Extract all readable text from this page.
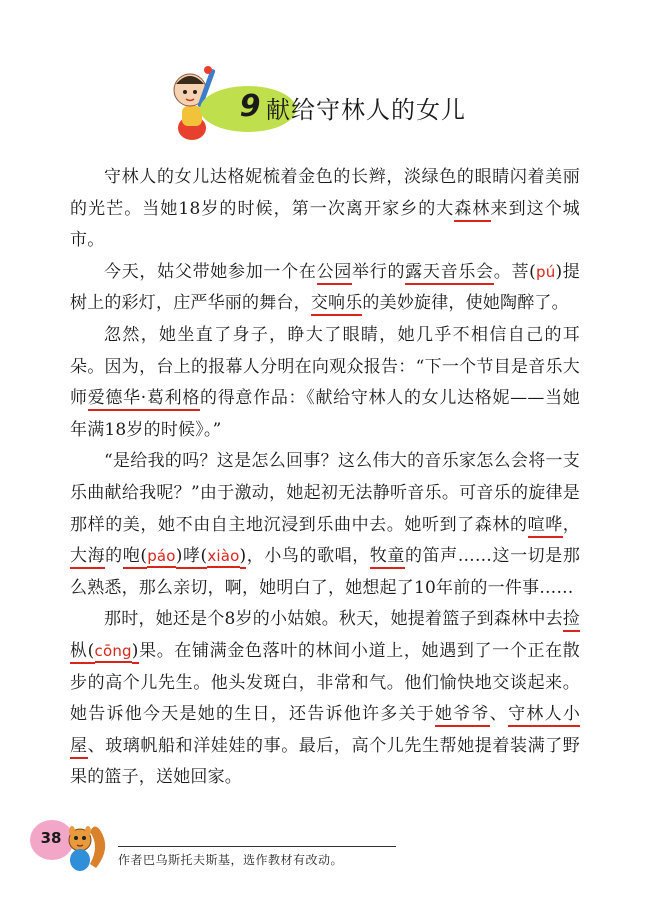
9 献给守林人的女儿

守林人的女儿达格妮梳着金色的长辫，淡绿色的眼睛闪着美丽的光芒。当她18岁的时候，第一次离开家乡的大森林来到这个城市。

今天，姑父带她参加一个在公园举行的露天音乐会。菩(pú)提树上的彩灯，庄严华丽的舞台，交响乐的美妙旋律，使她陶醉了。

忽然，她坐直了身子，睁大了眼睛，她几乎不相信自己的耳朵。因为，台上的报幕人分明在向观众报告：“下一个节目是音乐大师爱德华·葛利格的得意作品：《献给守林人的女儿达格妮——当她年满18岁的时候》。”

“是给我的吗？这是怎么回事？这么伟大的音乐家怎么会将一支乐曲献给我呢？”由于激动，她起初无法静听音乐。可音乐的旋律是那样的美，她不由自主地沉浸到乐曲中去。她听到了森林的喧哗，大海的咆(páo)哮(xiào)，小鸟的歌唱，牧童的笛声……这一切是那么熟悉，那么亲切，啊，她明白了，她想起了10年前的一件事……

那时，她还是个8岁的小姑娘。秋天，她提着篮子到森林中去捡枞(cōng)果。在铺满金色落叶的林间小道上，她遇到了一个正在散步的高个儿先生。他头发斑白，非常和气。他们愉快地交谈起来。她告诉他今天是她的生日，还告诉他许多关于她爷爷、守林人小屋、玻璃帆船和洋娃娃的事。最后，高个儿先生帮她提着装满了野果的篮子，送她回家。

38
作者巴乌斯托夫斯基，选作教材有改动。
